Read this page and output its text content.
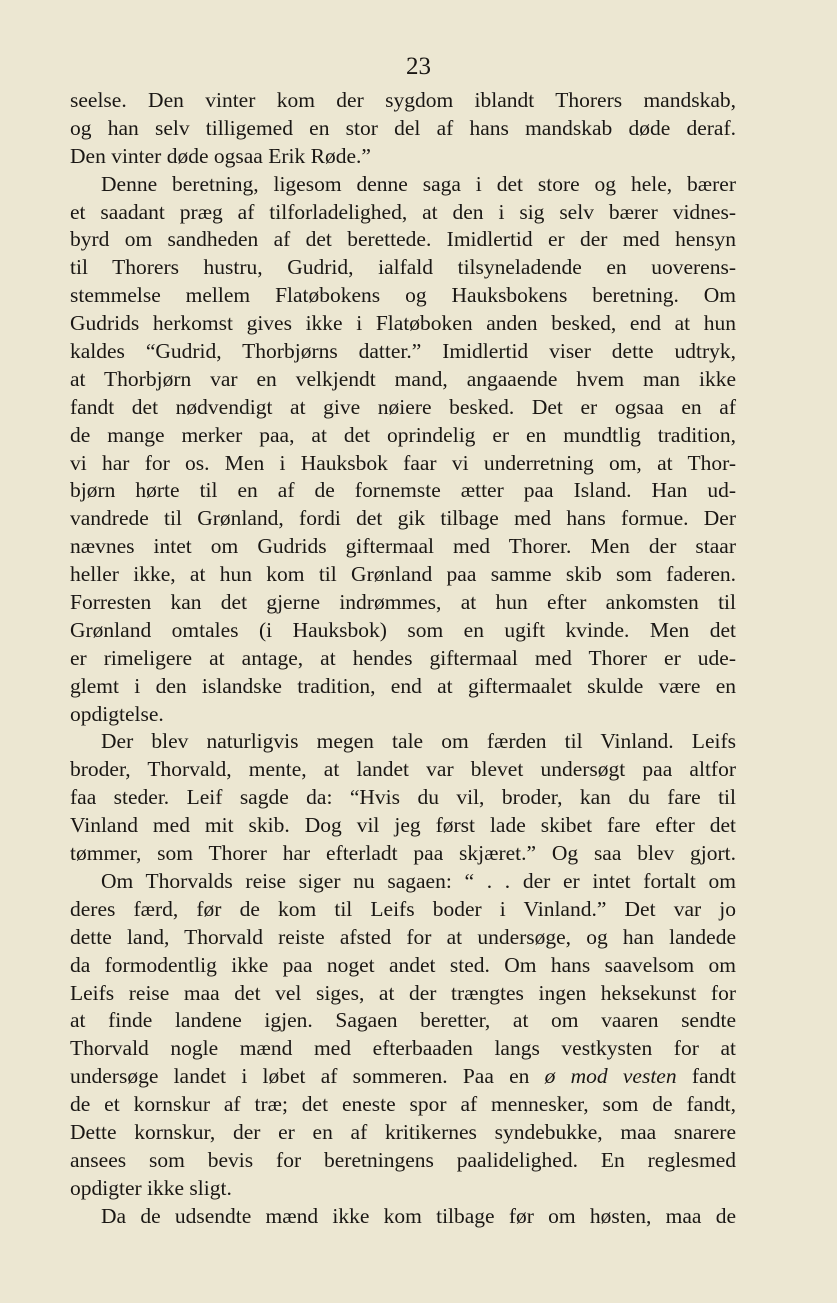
23
seelse. Den vinter kom der sygdom iblandt Thorers mandskab,
og han selv tilligemed en stor del af hans mandskab døde deraf.
Den vinter døde ogsaa Erik Røde.”
Denne beretning, ligesom denne saga i det store og hele, bærer
et saadant præg af tilforladelighed, at den i sig selv bærer vidnes-
byrd om sandheden af det berettede. Imidlertid er der med hensyn
til Thorers hustru, Gudrid, ialfald tilsyneladende en uoverens-
stemmelse mellem Flatøbokens og Hauksbokens beretning. Om
Gudrids herkomst gives ikke i Flatøboken anden besked, end at hun
kaldes “Gudrid, Thorbjørns datter.” Imidlertid viser dette udtryk,
at Thorbjørn var en velkjendt mand, angaaende hvem man ikke
fandt det nødvendigt at give nøiere besked. Det er ogsaa en af
de mange merker paa, at det oprindelig er en mundtlig tradition,
vi har for os. Men i Hauksbok faar vi underretning om, at Thor-
bjørn hørte til en af de fornemste ætter paa Island. Han ud-
vandrede til Grønland, fordi det gik tilbage med hans formue. Der
nævnes intet om Gudrids giftermaal med Thorer. Men der staar
heller ikke, at hun kom til Grønland paa samme skib som faderen.
Forresten kan det gjerne indrømmes, at hun efter ankomsten til
Grønland omtales (i Hauksbok) som en ugift kvinde. Men det
er rimeligere at antage, at hendes giftermaal med Thorer er ude-
glemt i den islandske tradition, end at giftermaalet skulde være en
opdigtelse.
Der blev naturligvis megen tale om færden til Vinland. Leifs
broder, Thorvald, mente, at landet var blevet undersøgt paa altfor
faa steder. Leif sagde da: “Hvis du vil, broder, kan du fare til
Vinland med mit skib. Dog vil jeg først lade skibet fare efter det
tømmer, som Thorer har efterladt paa skjæret.” Og saa blev gjort.
Om Thorvalds reise siger nu sagaen: “ . . der er intet fortalt om
deres færd, før de kom til Leifs boder i Vinland.” Det var jo
dette land, Thorvald reiste afsted for at undersøge, og han landede
da formodentlig ikke paa noget andet sted. Om hans saavelsom om
Leifs reise maa det vel siges, at der trængtes ingen heksekunst for
at finde landene igjen. Sagaen beretter, at om vaaren sendte
Thorvald nogle mænd med efterbaaden langs vestkysten for at
undersøge landet i løbet af sommeren. Paa en ø mod vesten fandt
de et kornskur af træ; det eneste spor af mennesker, som de fandt,
Dette kornskur, der er en af kritikernes syndebukke, maa snarere
ansees som bevis for beretningens paalidelighed. En reglesmed
opdigter ikke sligt.
Da de udsendte mænd ikke kom tilbage før om høsten, maa de
